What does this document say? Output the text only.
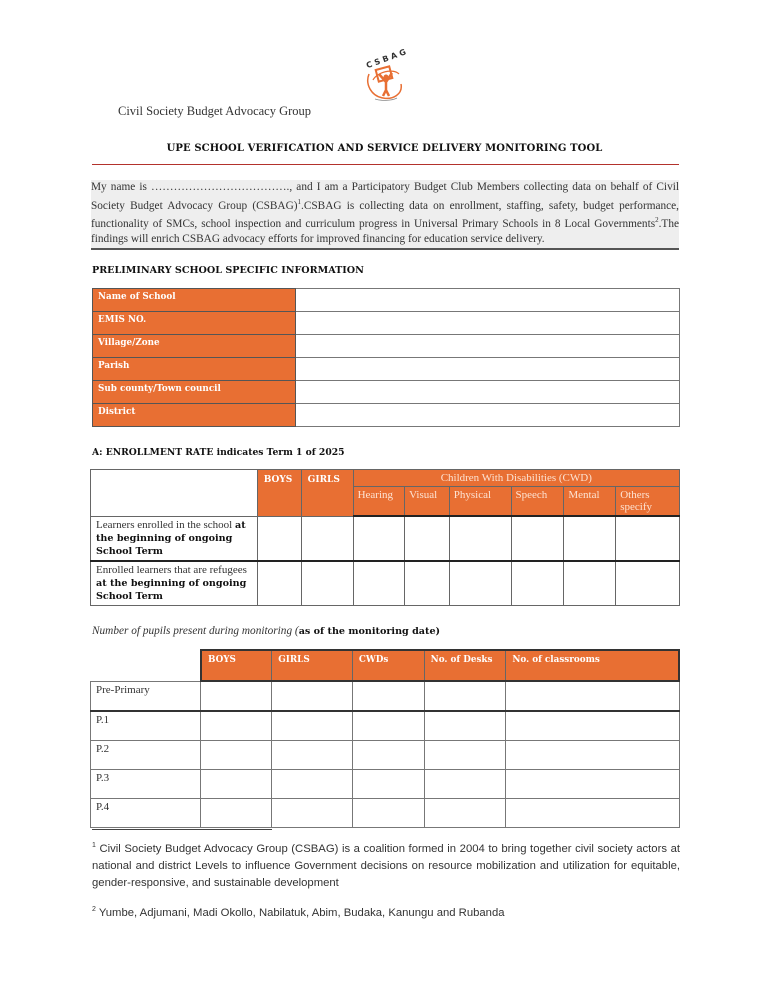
C S B A G
Civil Society Budget Advocacy Group
UPE SCHOOL VERIFICATION AND SERVICE DELIVERY MONITORING TOOL
My name is ………………………………., and I am a Participatory Budget Club Members collecting data on behalf of Civil Society Budget Advocacy Group (CSBAG)$^1$.CSBAG is collecting data on enrollment, staffing, safety, budget performance, functionality of SMCs, school inspection and curriculum progress in Universal Primary Schools in 8 Local Governments$^2$.The findings will enrich CSBAG advocacy efforts for improved financing for education service delivery.
PRELIMINARY SCHOOL SPECIFIC INFORMATION
Name of School	
EMIS NO.	
Village/Zone	
Parish	
Sub county/Town council	
District	
A: ENROLLMENT RATE indicates Term 1 of 2025
	BOYS	GIRLS	Children With Disabilities (CWD)					
			Hearing	Visual	Physical	Speech	Mental	Others specify
Learners enrolled in the school at the beginning of ongoing School Term								
Enrolled learners that are refugees at the beginning of ongoing School Term								
Number of pupils present during monitoring (as of the monitoring date)
	BOYS	GIRLS	CWDs	No. of Desks	No. of classrooms
Pre-Primary					
P.1					
P.2					
P.3					
P.4					
$^1$ Civil Society Budget Advocacy Group (CSBAG) is a coalition formed in 2004 to bring together civil society actors at national and district Levels to influence Government decisions on resource mobilization and utilization for equitable, gender-responsive, and sustainable development
$^2$ Yumbe, Adjumani, Madi Okollo, Nabilatuk, Abim, Budaka, Kanungu and Rubanda
